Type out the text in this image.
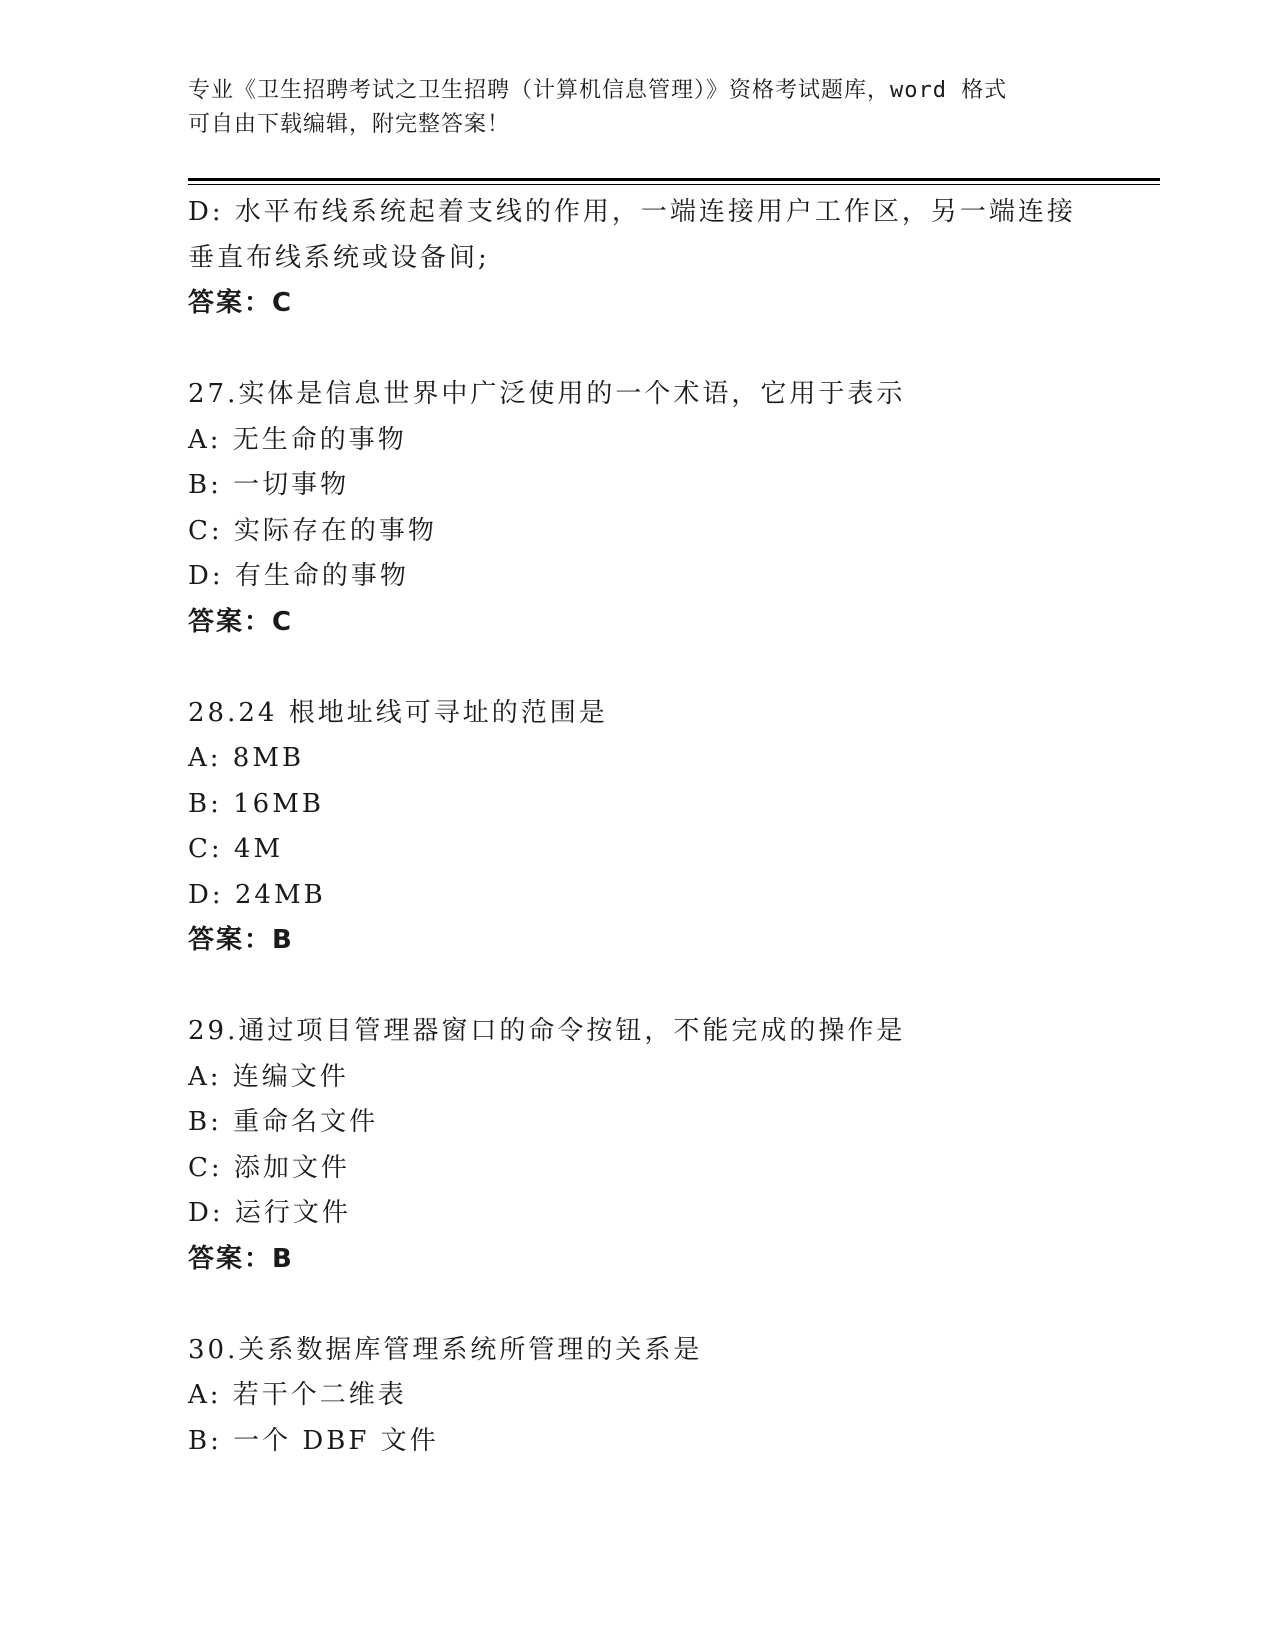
专业《卫生招聘考试之卫生招聘（计算机信息管理）》资格考试题库，word 格式
可自由下载编辑，附完整答案！
D: 水平布线系统起着支线的作用，一端连接用户工作区，另一端连接
垂直布线系统或设备间;
答案：C
27.实体是信息世界中广泛使用的一个术语，它用于表示
A: 无生命的事物
B: 一切事物
C: 实际存在的事物
D: 有生命的事物
答案：C
28.24 根地址线可寻址的范围是
A: 8MB
B: 16MB
C: 4M
D: 24MB
答案：B
29.通过项目管理器窗口的命令按钮，不能完成的操作是
A: 连编文件
B: 重命名文件
C: 添加文件
D: 运行文件
答案：B
30.关系数据库管理系统所管理的关系是
A: 若干个二维表
B: 一个 DBF 文件
